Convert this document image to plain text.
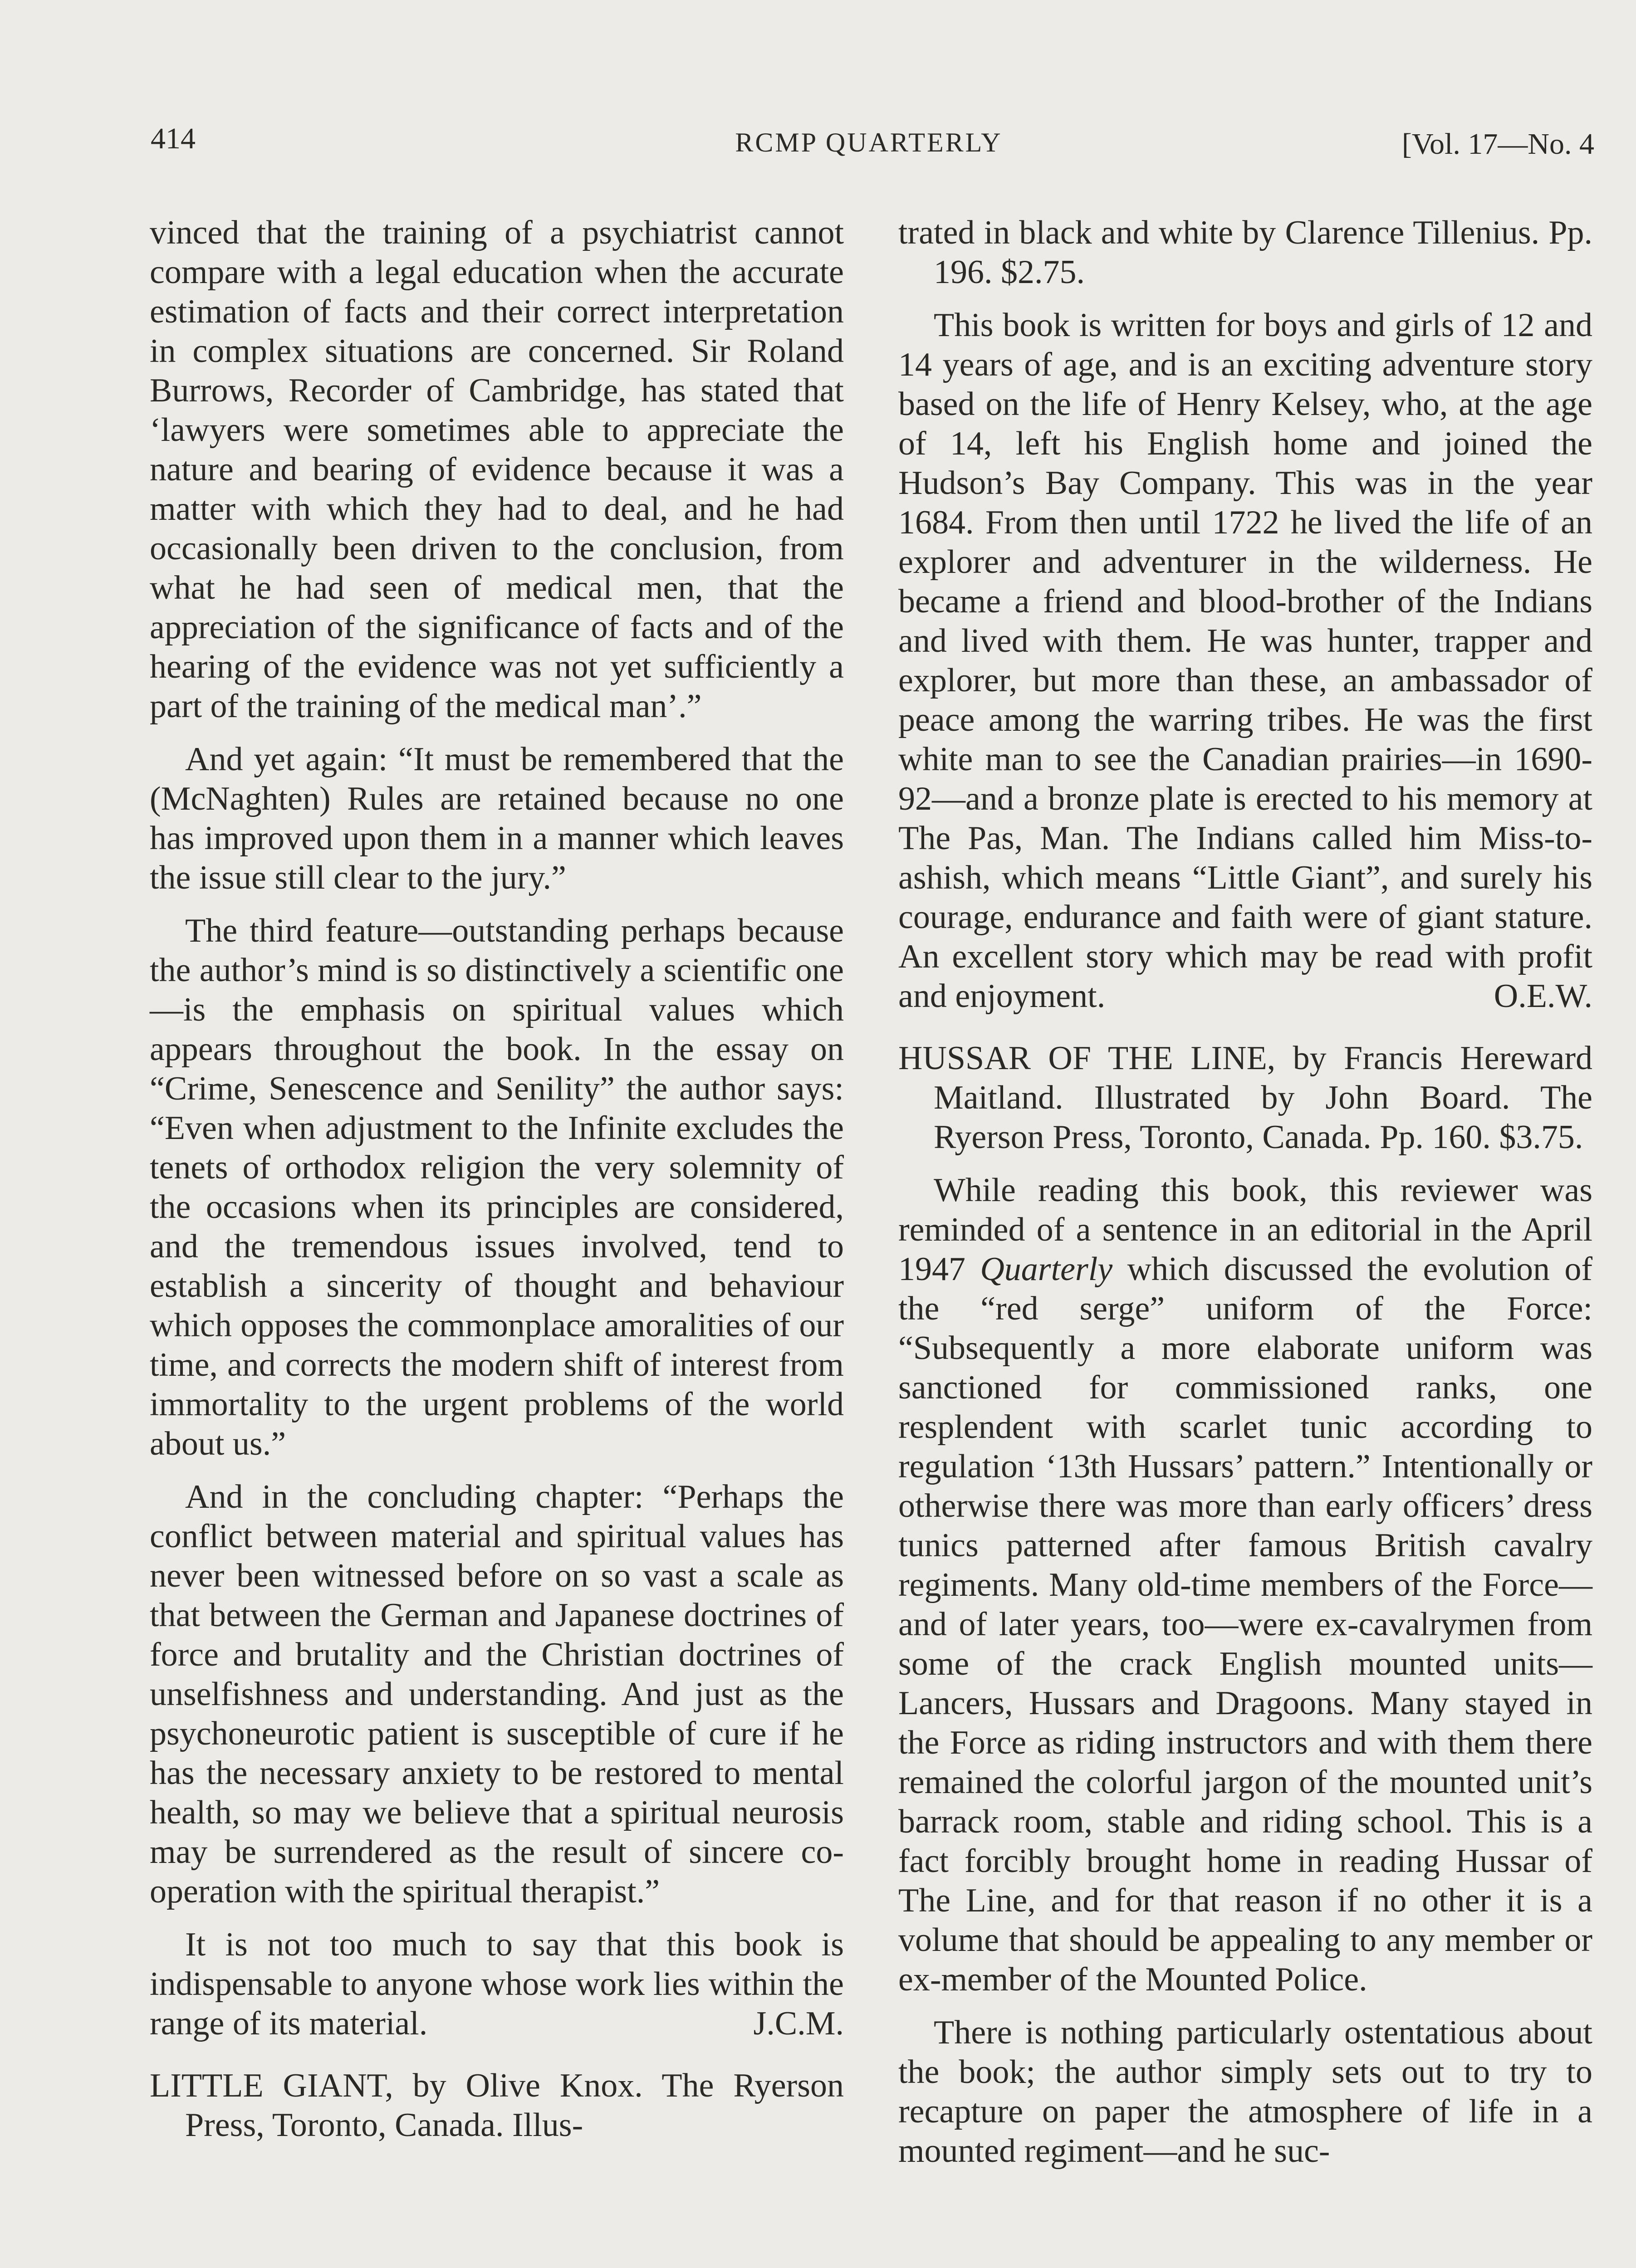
414	RCMP QUARTERLY	[Vol. 17—No. 4

vinced that the training of a psychiatrist cannot compare with a legal education when the accurate estimation of facts and their correct interpretation in complex situations are concerned. Sir Roland Burrows, Recorder of Cambridge, has stated that ‘lawyers were sometimes able to appreciate the nature and bearing of evidence because it was a matter with which they had to deal, and he had occasionally been driven to the conclusion, from what he had seen of medical men, that the appreciation of the significance of facts and of the hearing of the evidence was not yet sufficiently a part of the training of the medical man’.”

And yet again: “It must be remembered that the (McNaghten) Rules are retained because no one has improved upon them in a manner which leaves the issue still clear to the jury.”

The third feature—outstanding perhaps because the author’s mind is so distinctively a scientific one—is the emphasis on spiritual values which appears throughout the book. In the essay on “Crime, Senescence and Senility” the author says: “Even when adjustment to the Infinite excludes the tenets of orthodox religion the very solemnity of the occasions when its principles are considered, and the tremendous issues involved, tend to establish a sincerity of thought and behaviour which opposes the commonplace amoralities of our time, and corrects the modern shift of interest from immortality to the urgent problems of the world about us.”

And in the concluding chapter: “Perhaps the conflict between material and spiritual values has never been witnessed before on so vast a scale as that between the German and Japanese doctrines of force and brutality and the Christian doctrines of unselfishness and understanding. And just as the psychoneurotic patient is susceptible of cure if he has the necessary anxiety to be restored to mental health, so may we believe that a spiritual neurosis may be surrendered as the result of sincere co-operation with the spiritual therapist.”

It is not too much to say that this book is indispensable to anyone whose work lies within the range of its material.	J.C.M.

LITTLE GIANT, by Olive Knox. The Ryerson Press, Toronto, Canada. Illus-

trated in black and white by Clarence Tillenius. Pp. 196. $2.75.

This book is written for boys and girls of 12 and 14 years of age, and is an exciting adventure story based on the life of Henry Kelsey, who, at the age of 14, left his English home and joined the Hudson’s Bay Company. This was in the year 1684. From then until 1722 he lived the life of an explorer and adventurer in the wilderness. He became a friend and blood-brother of the Indians and lived with them. He was hunter, trapper and explorer, but more than these, an ambassador of peace among the warring tribes. He was the first white man to see the Canadian prairies—in 1690-92—and a bronze plate is erected to his memory at The Pas, Man. The Indians called him Miss-to-ashish, which means “Little Giant”, and surely his courage, endurance and faith were of giant stature. An excellent story which may be read with profit and enjoyment.	O.E.W.

HUSSAR OF THE LINE, by Francis Hereward Maitland. Illustrated by John Board. The Ryerson Press, Toronto, Canada. Pp. 160. $3.75.

While reading this book, this reviewer was reminded of a sentence in an editorial in the April 1947 Quarterly which discussed the evolution of the “red serge” uniform of the Force: “Subsequently a more elaborate uniform was sanctioned for commissioned ranks, one resplendent with scarlet tunic according to regulation ‘13th Hussars’ pattern.” Intentionally or otherwise there was more than early officers’ dress tunics patterned after famous British cavalry regiments. Many old-time members of the Force—and of later years, too—were ex-cavalrymen from some of the crack English mounted units—Lancers, Hussars and Dragoons. Many stayed in the Force as riding instructors and with them there remained the colorful jargon of the mounted unit’s barrack room, stable and riding school. This is a fact forcibly brought home in reading Hussar of The Line, and for that reason if no other it is a volume that should be appealing to any member or ex-member of the Mounted Police.

There is nothing particularly ostentatious about the book; the author simply sets out to try to recapture on paper the atmosphere of life in a mounted regiment—and he suc-
